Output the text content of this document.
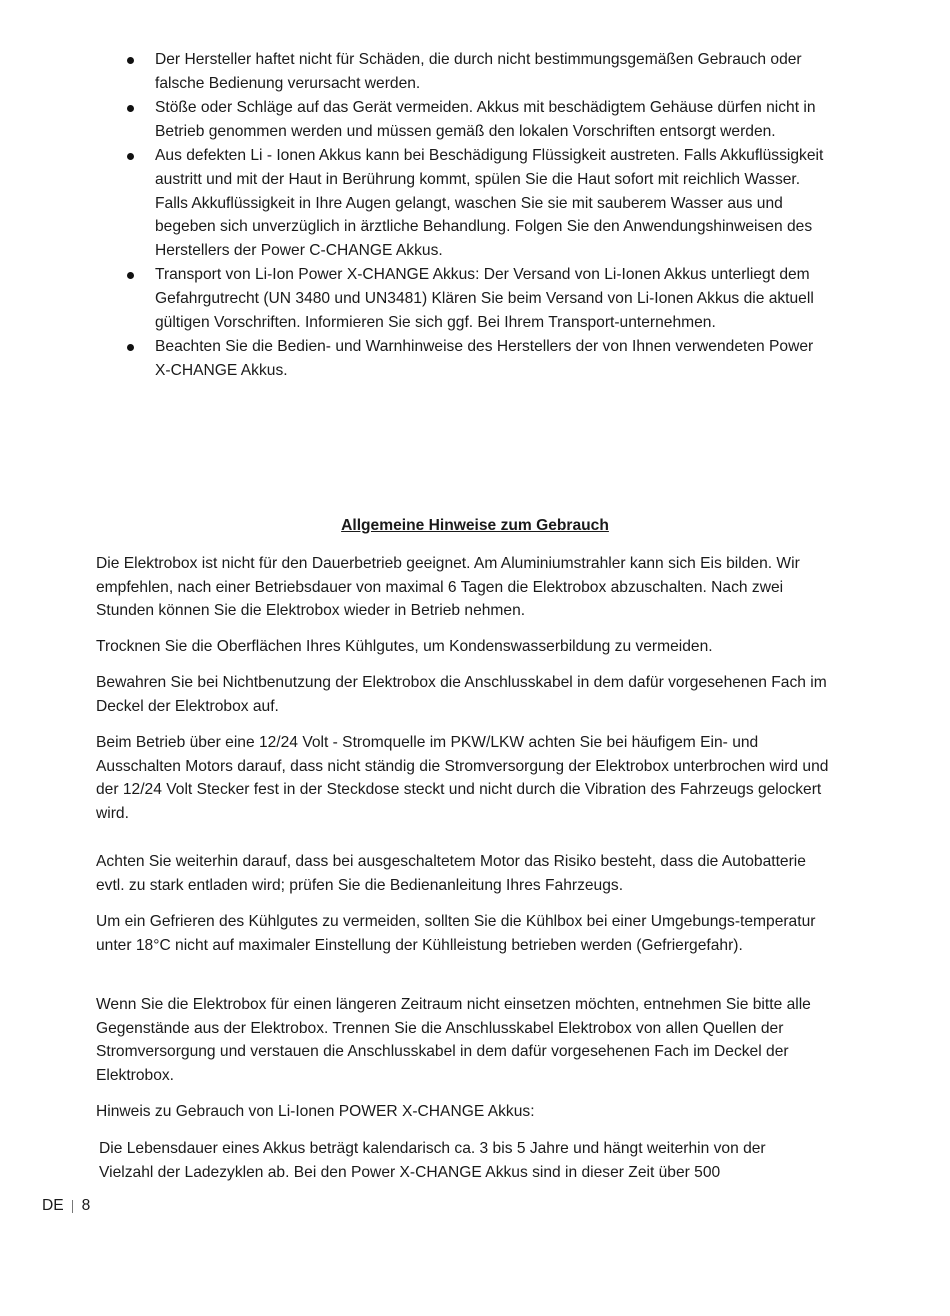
Der Hersteller haftet nicht für Schäden, die durch nicht bestimmungsgemäßen Gebrauch oder falsche Bedienung verursacht werden.
Stöße oder Schläge auf das Gerät vermeiden. Akkus mit beschädigtem Gehäuse dürfen nicht in Betrieb genommen werden und müssen gemäß den lokalen Vorschriften entsorgt werden.
Aus defekten Li - Ionen Akkus kann bei Beschädigung Flüssigkeit austreten. Falls Akkuflüssigkeit austritt und mit der Haut in Berührung kommt, spülen Sie die Haut sofort mit reichlich Wasser. Falls Akkuflüssigkeit in Ihre Augen gelangt, waschen Sie sie mit sauberem Wasser aus und begeben sich unverzüglich in ärztliche Behandlung. Folgen Sie den Anwendungshinweisen des Herstellers der Power C-CHANGE Akkus.
Transport von Li-Ion Power X-CHANGE Akkus: Der Versand von Li-Ionen Akkus unterliegt dem Gefahrgutrecht (UN 3480 und UN3481) Klären Sie beim Versand von Li-Ionen Akkus die aktuell gültigen Vorschriften. Informieren Sie sich ggf. Bei Ihrem Transport-unternehmen.
Beachten Sie die Bedien- und Warnhinweise des Herstellers der von Ihnen verwendeten Power X-CHANGE Akkus.
Allgemeine Hinweise zum Gebrauch

Die Elektrobox ist nicht für den Dauerbetrieb geeignet. Am Aluminiumstrahler kann sich Eis bilden. Wir empfehlen, nach einer Betriebsdauer von maximal 6 Tagen die Elektrobox abzuschalten. Nach zwei Stunden können Sie die Elektrobox wieder in Betrieb nehmen.

Trocknen Sie die Oberflächen Ihres Kühlgutes, um Kondenswasserbildung zu vermeiden.

Bewahren Sie bei Nichtbenutzung der Elektrobox die Anschlusskabel in dem dafür vorgesehenen Fach im Deckel der Elektrobox auf.

Beim Betrieb über eine 12/24 Volt - Stromquelle im PKW/LKW achten Sie bei häufigem Ein- und Ausschalten Motors darauf, dass nicht ständig die Stromversorgung der Elektrobox unterbrochen wird und der 12/24 Volt Stecker fest in der Steckdose steckt und nicht durch die Vibration des Fahrzeugs gelockert wird.

Achten Sie weiterhin darauf, dass bei ausgeschaltetem Motor das Risiko besteht, dass die Autobatterie evtl. zu stark entladen wird; prüfen Sie die Bedienanleitung Ihres Fahrzeugs.

Um ein Gefrieren des Kühlgutes zu vermeiden, sollten Sie die Kühlbox bei einer Umgebungs-temperatur unter 18°C nicht auf maximaler Einstellung der Kühlleistung betrieben werden (Gefriergefahr).

Wenn Sie die Elektrobox für einen längeren Zeitraum nicht einsetzen möchten, entnehmen Sie bitte alle Gegenstände aus der Elektrobox. Trennen Sie die Anschlusskabel Elektrobox von allen Quellen der Stromversorgung und verstauen die Anschlusskabel in dem dafür vorgesehenen Fach im Deckel der Elektrobox.

Hinweis zu Gebrauch von Li-Ionen POWER X-CHANGE Akkus:

Die Lebensdauer eines Akkus beträgt kalendarisch ca. 3 bis 5 Jahre und hängt weiterhin von der Vielzahl der Ladezyklen ab. Bei den Power X-CHANGE Akkus sind in dieser Zeit über 500

DE 8
